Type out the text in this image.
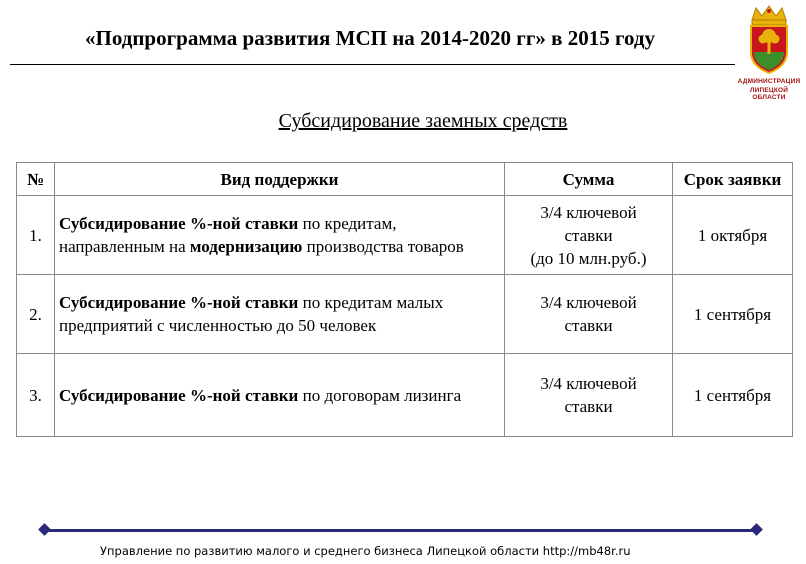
«Подпрограмма развития МСП на 2014-2020 гг» в 2015 году
АДМИНИСТРАЦИЯ
ЛИПЕЦКОЙ ОБЛАСТИ
Субсидирование заемных средств
№	Вид поддержки	Сумма	Срок заявки
1.	Субсидирование %-ной ставки по кредитам, направленным на модернизацию производства товаров	3/4 ключевой
ставки
(до 10 млн.руб.)	1 октября
2.	Субсидирование %-ной ставки по кредитам малых предприятий с численностью до 50 человек	3/4 ключевой
ставки	1 сентября
3.	Субсидирование %-ной ставки по договорам лизинга	3/4 ключевой
ставки	1 сентября
Управление по развитию малого и среднего бизнеса Липецкой области http://mb48r.ru
